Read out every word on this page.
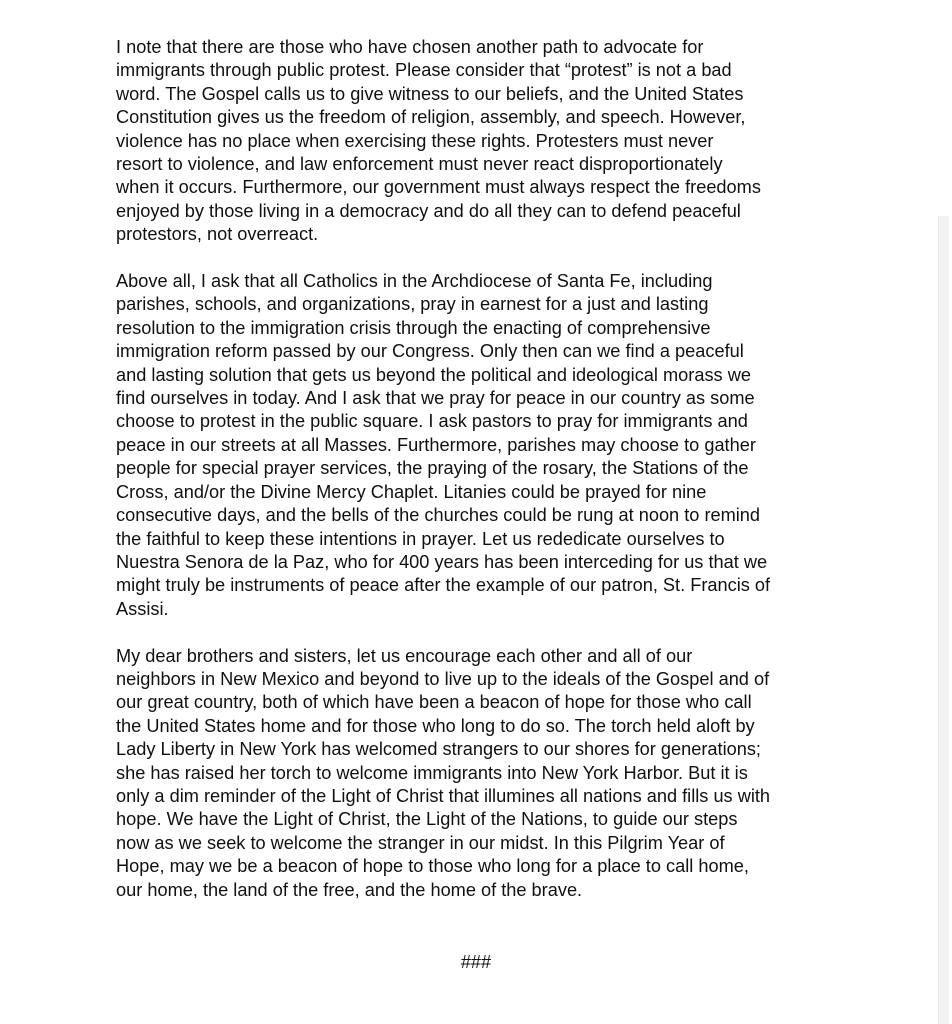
I note that there are those who have chosen another path to advocate for
immigrants through public protest. Please consider that “protest” is not a bad
word. The Gospel calls us to give witness to our beliefs, and the United States
Constitution gives us the freedom of religion, assembly, and speech. However,
violence has no place when exercising these rights. Protesters must never
resort to violence, and law enforcement must never react disproportionately
when it occurs. Furthermore, our government must always respect the freedoms
enjoyed by those living in a democracy and do all they can to defend peaceful
protestors, not overreact.

Above all, I ask that all Catholics in the Archdiocese of Santa Fe, including
parishes, schools, and organizations, pray in earnest for a just and lasting
resolution to the immigration crisis through the enacting of comprehensive
immigration reform passed by our Congress. Only then can we find a peaceful
and lasting solution that gets us beyond the political and ideological morass we
find ourselves in today. And I ask that we pray for peace in our country as some
choose to protest in the public square. I ask pastors to pray for immigrants and
peace in our streets at all Masses. Furthermore, parishes may choose to gather
people for special prayer services, the praying of the rosary, the Stations of the
Cross, and/or the Divine Mercy Chaplet. Litanies could be prayed for nine
consecutive days, and the bells of the churches could be rung at noon to remind
the faithful to keep these intentions in prayer. Let us rededicate ourselves to
Nuestra Senora de la Paz, who for 400 years has been interceding for us that we
might truly be instruments of peace after the example of our patron, St. Francis of
Assisi.

My dear brothers and sisters, let us encourage each other and all of our
neighbors in New Mexico and beyond to live up to the ideals of the Gospel and of
our great country, both of which have been a beacon of hope for those who call
the United States home and for those who long to do so. The torch held aloft by
Lady Liberty in New York has welcomed strangers to our shores for generations;
she has raised her torch to welcome immigrants into New York Harbor. But it is
only a dim reminder of the Light of Christ that illumines all nations and fills us with
hope. We have the Light of Christ, the Light of the Nations, to guide our steps
now as we seek to welcome the stranger in our midst. In this Pilgrim Year of
Hope, may we be a beacon of hope to those who long for a place to call home,
our home, the land of the free, and the home of the brave.

###
